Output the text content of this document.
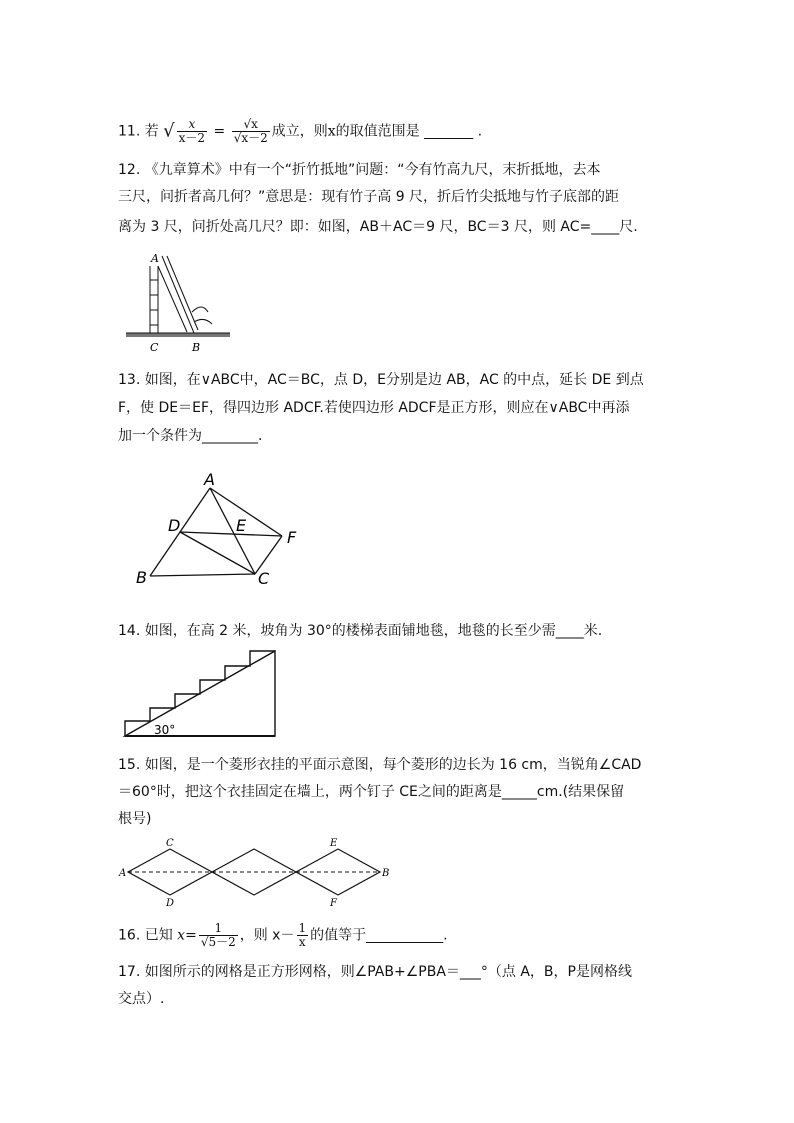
11. 若 √ $\frac{x}{x-2} = \frac{√x}{√x-2}$ 成立，则x的取值范围是 _______ .
12. 《九章算术》中有一个“折竹抵地”问题：“今有竹高九尺，末折抵地，去本
三尺，问折者高几何？”意思是：现有竹子高 9 尺，折后竹尖抵地与竹子底部的距
离为 3 尺，问折处高几尺？即：如图，AB＋AC＝9 尺，BC＝3 尺，则 AC=____尺.
A
C	B
13. 如图，在∨ABC中，AC＝BC，点 D，E分别是边 AB，AC 的中点，延长 DE 到点
F，使 DE＝EF，得四边形 ADCF.若使四边形 ADCF是正方形，则应在∨ABC中再添
加一个条件为________.
A
D	E
F
B	C
14. 如图，在高 2 米，坡角为 30°的楼梯表面铺地毯，地毯的长至少需____米.
30°
15. 如图，是一个菱形衣挂的平面示意图，每个菱形的边长为 16 cm，当锐角∠CAD
＝60°时，把这个衣挂固定在墙上，两个钉子 CE之间的距离是_____cm.(结果保留
根号)
A
C
D
E
F
B
16. 已知 $x= \frac{1}{√5-2}$ ，则 $x- \frac{1}{x}$ 的值等于___________.
17. 如图所示的网格是正方形网格，则∠PAB+∠PBA＝___°（点 A，B，P是网格线
交点）.
